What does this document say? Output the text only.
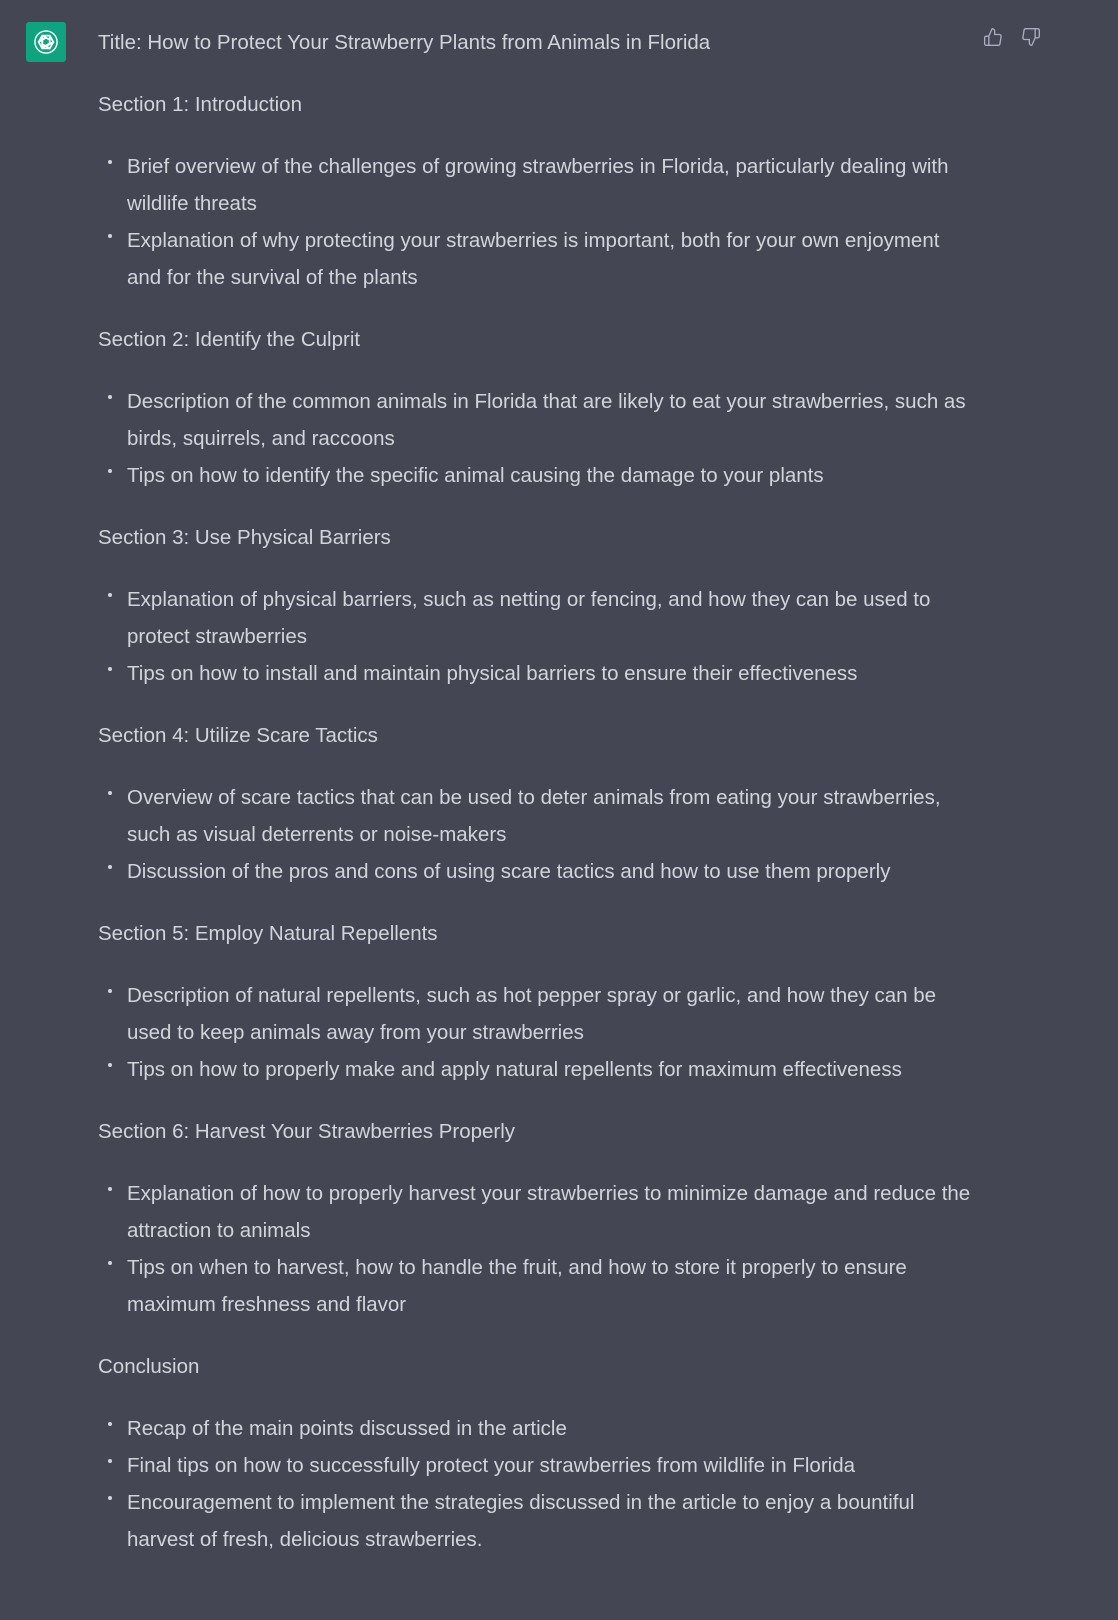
Title: How to Protect Your Strawberry Plants from Animals in Florida

Section 1: Introduction

Brief overview of the challenges of growing strawberries in Florida, particularly dealing with wildlife threats
Explanation of why protecting your strawberries is important, both for your own enjoyment and for the survival of the plants

Section 2: Identify the Culprit

Description of the common animals in Florida that are likely to eat your strawberries, such as birds, squirrels, and raccoons
Tips on how to identify the specific animal causing the damage to your plants

Section 3: Use Physical Barriers

Explanation of physical barriers, such as netting or fencing, and how they can be used to protect strawberries
Tips on how to install and maintain physical barriers to ensure their effectiveness

Section 4: Utilize Scare Tactics

Overview of scare tactics that can be used to deter animals from eating your strawberries, such as visual deterrents or noise-makers
Discussion of the pros and cons of using scare tactics and how to use them properly

Section 5: Employ Natural Repellents

Description of natural repellents, such as hot pepper spray or garlic, and how they can be used to keep animals away from your strawberries
Tips on how to properly make and apply natural repellents for maximum effectiveness

Section 6: Harvest Your Strawberries Properly

Explanation of how to properly harvest your strawberries to minimize damage and reduce the attraction to animals
Tips on when to harvest, how to handle the fruit, and how to store it properly to ensure maximum freshness and flavor

Conclusion

Recap of the main points discussed in the article
Final tips on how to successfully protect your strawberries from wildlife in Florida
Encouragement to implement the strategies discussed in the article to enjoy a bountiful harvest of fresh, delicious strawberries.
